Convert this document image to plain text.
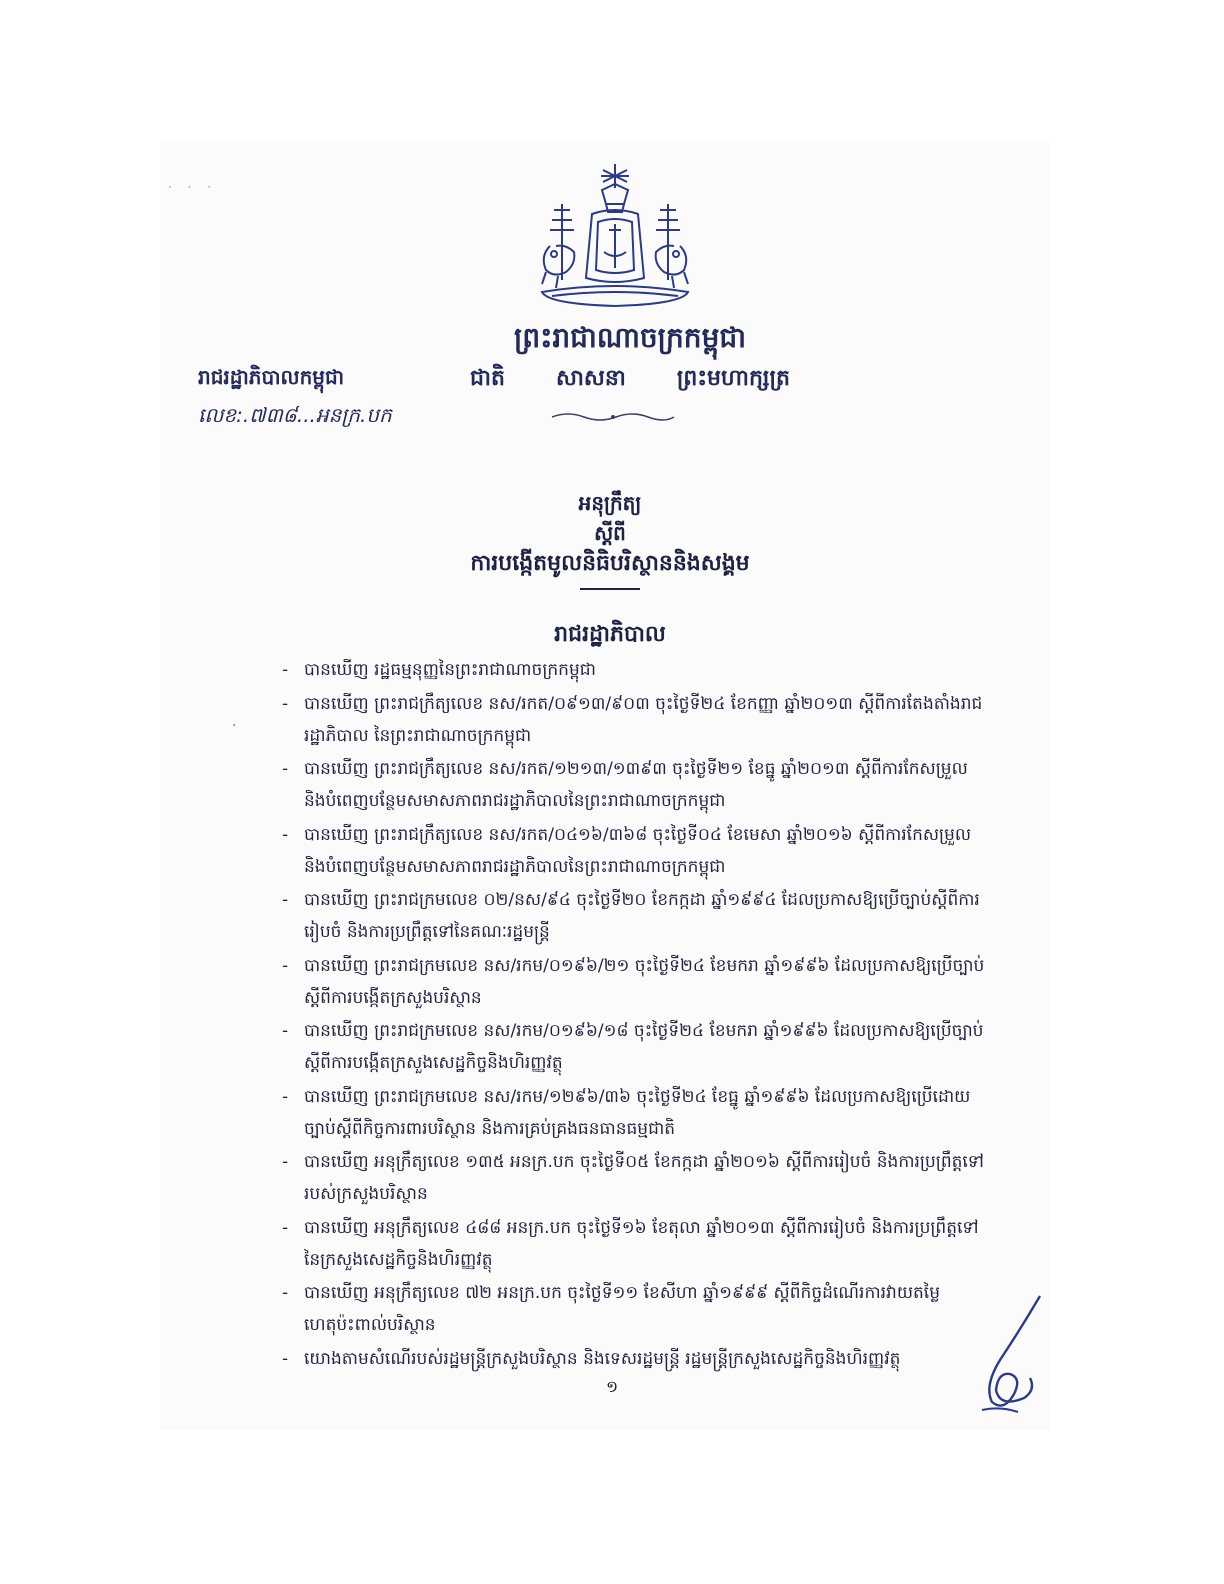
· · ·
·
ព្រះរាជាណាចក្រកម្ពុជា
ជាតិ សាសនា ព្រះមហាក្សត្រ
រាជរដ្ឋាភិបាលកម្ពុជា
លេខ:.៧៣៨...អនក្រ.បក
អនុក្រឹត្យ
ស្តីពី
ការបង្កើតមូលនិធិបរិស្ថាននិងសង្គម
រាជរដ្ឋាភិបាល
- បានឃើញ រដ្ឋធម្មនុញ្ញនៃព្រះរាជាណាចក្រកម្ពុជា
- បានឃើញ ព្រះរាជក្រឹត្យលេខ នស/រកត/០៩១៣/៩០៣ ចុះថ្ងៃទី២៤ ខែកញ្ញា ឆ្នាំ២០១៣ ស្តីពីការតែងតាំងរាជរដ្ឋាភិបាល នៃព្រះរាជាណាចក្រកម្ពុជា
- បានឃើញ ព្រះរាជក្រឹត្យលេខ នស/រកត/១២១៣/១៣៩៣ ចុះថ្ងៃទី២១ ខែធ្នូ ឆ្នាំ២០១៣ ស្តីពីការកែសម្រួល និងបំពេញបន្ថែមសមាសភាពរាជរដ្ឋាភិបាលនៃព្រះរាជាណាចក្រកម្ពុជា
- បានឃើញ ព្រះរាជក្រឹត្យលេខ នស/រកត/០៤១៦/៣៦៨ ចុះថ្ងៃទី០៤ ខែមេសា ឆ្នាំ២០១៦ ស្តីពីការកែសម្រួល និងបំពេញបន្ថែមសមាសភាពរាជរដ្ឋាភិបាលនៃព្រះរាជាណាចក្រកម្ពុជា
- បានឃើញ ព្រះរាជក្រមលេខ ០២/នស/៩៤ ចុះថ្ងៃទី២០ ខែកក្កដា ឆ្នាំ១៩៩៤ ដែលប្រកាសឱ្យប្រើច្បាប់ស្តីពីការរៀបចំ និងការប្រព្រឹត្តទៅនៃគណៈរដ្ឋមន្ត្រី
- បានឃើញ ព្រះរាជក្រមលេខ នស/រកម/០១៩៦/២១ ចុះថ្ងៃទី២៤ ខែមករា ឆ្នាំ១៩៩៦ ដែលប្រកាសឱ្យប្រើច្បាប់ស្តីពីការបង្កើតក្រសួងបរិស្ថាន
- បានឃើញ ព្រះរាជក្រមលេខ នស/រកម/០១៩៦/១៨ ចុះថ្ងៃទី២៤ ខែមករា ឆ្នាំ១៩៩៦ ដែលប្រកាសឱ្យប្រើច្បាប់ស្តីពីការបង្កើតក្រសួងសេដ្ឋកិច្ចនិងហិរញ្ញវត្ថុ
- បានឃើញ ព្រះរាជក្រមលេខ នស/រកម/១២៩៦/៣៦ ចុះថ្ងៃទី២៤ ខែធ្នូ ឆ្នាំ១៩៩៦ ដែលប្រកាសឱ្យប្រើដោយច្បាប់ស្តីពីកិច្ចការពារបរិស្ថាន និងការគ្រប់គ្រងធនធានធម្មជាតិ
- បានឃើញ អនុក្រឹត្យលេខ ១៣៥ អនក្រ.បក ចុះថ្ងៃទី០៥ ខែកក្កដា ឆ្នាំ២០១៦ ស្តីពីការរៀបចំ និងការប្រព្រឹត្តទៅរបស់ក្រសួងបរិស្ថាន
- បានឃើញ អនុក្រឹត្យលេខ ៤៨៨ អនក្រ.បក ចុះថ្ងៃទី១៦ ខែតុលា ឆ្នាំ២០១៣ ស្តីពីការរៀបចំ និងការប្រព្រឹត្តទៅនៃក្រសួងសេដ្ឋកិច្ចនិងហិរញ្ញវត្ថុ
- បានឃើញ អនុក្រឹត្យលេខ ៧២ អនក្រ.បក ចុះថ្ងៃទី១១ ខែសីហា ឆ្នាំ១៩៩៩ ស្តីពីកិច្ចដំណើរការវាយតម្លៃហេតុប៉ះពាល់បរិស្ថាន
- យោងតាមសំណើរបស់រដ្ឋមន្ត្រីក្រសួងបរិស្ថាន និងទេសរដ្ឋមន្ត្រី រដ្ឋមន្ត្រីក្រសួងសេដ្ឋកិច្ចនិងហិរញ្ញវត្ថុ
១
